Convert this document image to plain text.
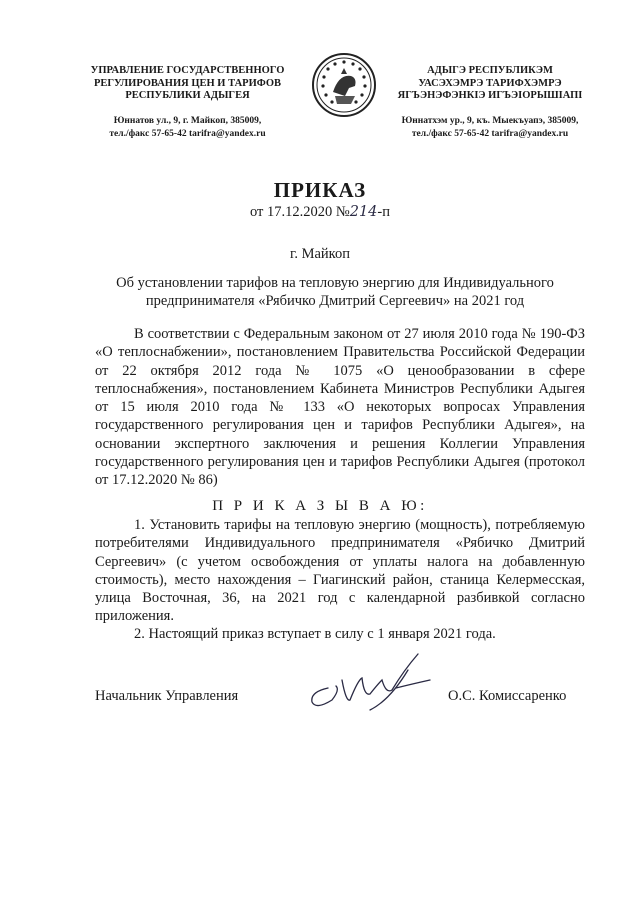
УПРАВЛЕНИЕ ГОСУДАРСТВЕННОГО
РЕГУЛИРОВАНИЯ ЦЕН И ТАРИФОВ
РЕСПУБЛИКИ АДЫГЕЯ
Юннатов ул., 9, г. Майкоп, 385009,
тел./факс 57-65-42 tarifra@yandex.ru
АДЫГЭ РЕСПУБЛИКЭМ
УАСЭХЭМРЭ ТАРИФХЭМРЭ
ЯГЪЭНЭФЭНКIЭ ИГЪЭIОРЫШIАПI
Юннатхэм ур., 9, къ. Мыекъуапэ, 385009,
тел./факс 57-65-42 tarifra@yandex.ru
ПРИКАЗ
от 17.12.2020 №214-п
г. Майкоп
Об установлении тарифов на тепловую энергию для Индивидуального предпринимателя «Рябичко Дмитрий Сергеевич» на 2021 год
В соответствии с Федеральным законом от 27 июля 2010 года № 190-ФЗ «О теплоснабжении», постановлением Правительства Российской Федерации от 22 октября 2012 года № 1075 «О ценообразовании в сфере теплоснабжения», постановлением Кабинета Министров Республики Адыгея от 15 июля 2010 года № 133 «О некоторых вопросах Управления государственного регулирования цен и тарифов Республики Адыгея», на основании экспертного заключения и решения Коллегии Управления государственного регулирования цен и тарифов Республики Адыгея (протокол от 17.12.2020 № 86)
П Р И К А З Ы В А Ю:
1. Установить тарифы на тепловую энергию (мощность), потребляемую потребителями Индивидуального предпринимателя «Рябичко Дмитрий Сергеевич» (с учетом освобождения от уплаты налога на добавленную стоимость), место нахождения – Гиагинский район, станица Келермесская, улица Восточная, 36, на 2021 год с календарной разбивкой согласно приложения.
2. Настоящий приказ вступает в силу с 1 января 2021 года.
Начальник Управления	О.С. Комиссаренко
